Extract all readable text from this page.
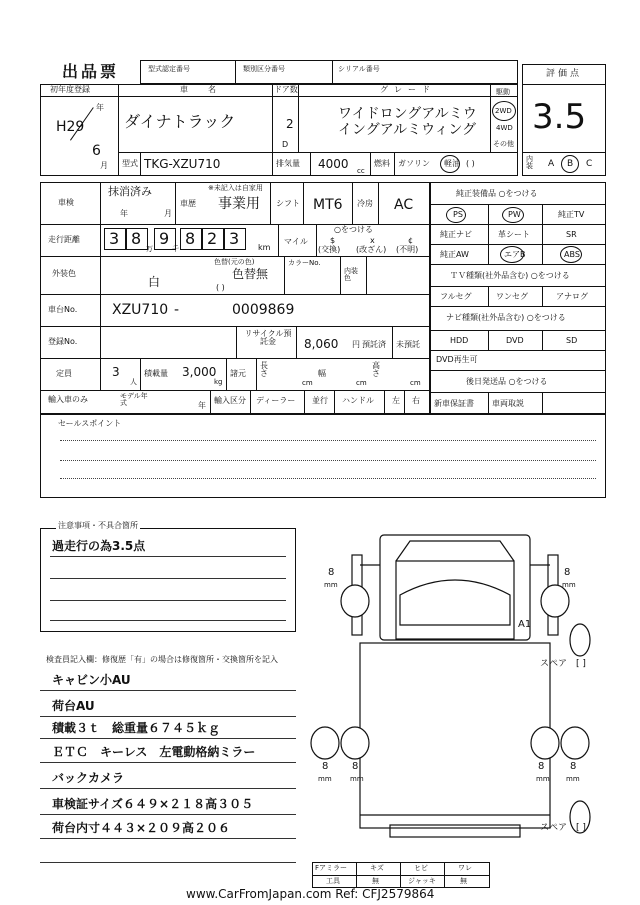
出品票	型式認定番号	類別区分番号	シリアル番号	評価点
3.5
内装 A B C
初年度登録
H29
年
6
月
車名
ダイナトラック
ドア数
2
D
グレード
ワイドロングアルミウ
イングアルミウィング
駆動
2WD
4WD
その他
型式 TKG-XZU710	排気量 4000 cc
燃料 ガソリン 軽油 ( )
車検
抹消済み
年	月
※未記入は自家用
車歴 事業用 シフト MT6 冷房 AC
走行距離 3 8 9 8 2 3
万	千	km
マイル
○をつける
$
(交換)
x
(改ざん)
¢
(不明)
外装色
白
色替(元の色)
色替無
( )
カラーNo.
内装色
車台No. XZU710 -	0009869
登録No.
リサイクル預託金	8,060 円 預託済 未預託
定員	3
人
積載量 3,000
kg
諸元
長さ
cm
幅
cm
高さ
cm
輸入車のみ	モデル年式	年
輸入区分 ディーラー 並行 ハンドル 左 右
純正装備品 ○をつける
PS	PW	純正TV
純正ナビ	革シート	SR
純正AW	エアB	ABS
ＴＶ種類(社外品含む) ○をつける
フルセグ	ワンセグ	アナログ
ナビ種類(社外品含む) ○をつける
HDD	DVD	SD
DVD再生可
後日発送品 ○をつける
新車保証書 車両取説
セールスポイント
注意事項・不具合箇所
過走行の為3.5点
検査員記入欄：修復歴「有」の場合は修復箇所・交換箇所を記入
キャビン小AU
荷台AU
積載３ｔ　総重量６７４５ｋｇ
ＥＴＣ　キーレス　左電動格納ミラー
バックカメラ
車検証サイズ６４９×２１８高３０５
荷台内寸４４３×２０９高２０６
A1
8
mm
8
mm
スペア [ ]
8
mm
8
mm
8
mm
8
mm
スペア [ ]
Fアミラー	キズ	ヒビ	ワレ
工具	無	ジャッキ	無
www.CarFromJapan.com Ref: CFJ2579864
